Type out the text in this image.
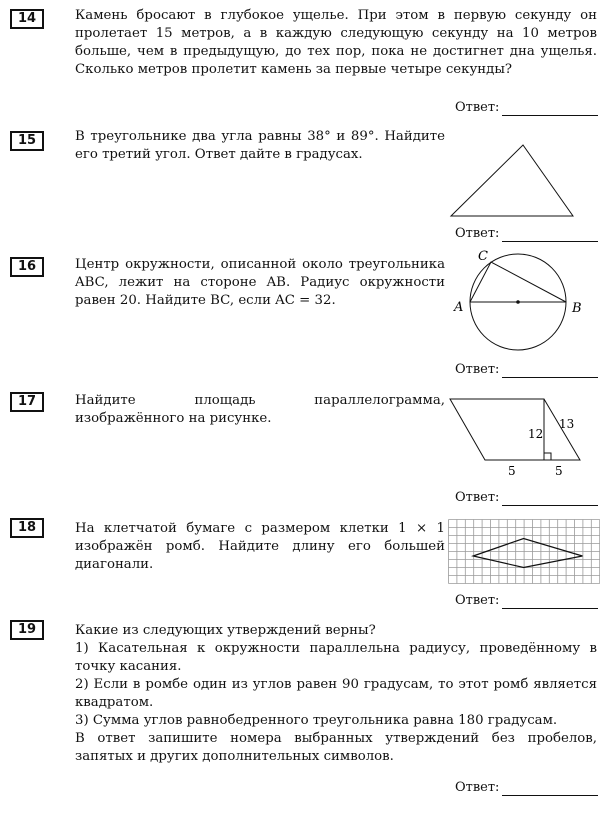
14	Камень бросают в глубокое ущелье. При этом в первую секунду он пролетает 15 метров, а в каждую следующую секунду на 10 метров больше, чем в предыдущую, до тех пор, пока не достигнет дна ущелья. Сколько метров пролетит камень за первые четыре секунды?

Ответ:
15	В треугольнике два угла равны 38° и 89°. Найдите его третий угол. Ответ дайте в градусах.

Ответ:
16	Центр окружности, описанной около треугольника ABC, лежит на стороне AB. Радиус окружности равен 20. Найдите BC, если AC = 32.

C
A	B
Ответ:
17	Найдите площадь параллелограмма, изображённого на рисунке.

12
13
5	5
Ответ:
18	На клетчатой бумаге с размером клетки 1 × 1 изображён ромб. Найдите длину его большей диагонали.

Ответ:
19	Какие из следующих утверждений верны?
1) Касательная к окружности параллельна радиусу, проведённому в точку касания.
2) Если в ромбе один из углов равен 90 градусам, то этот ромб является квадратом.
3) Сумма углов равнобедренного треугольника равна 180 градусам.
В ответ запишите номера выбранных утверждений без пробелов, запятых и других дополнительных символов.
Ответ:
